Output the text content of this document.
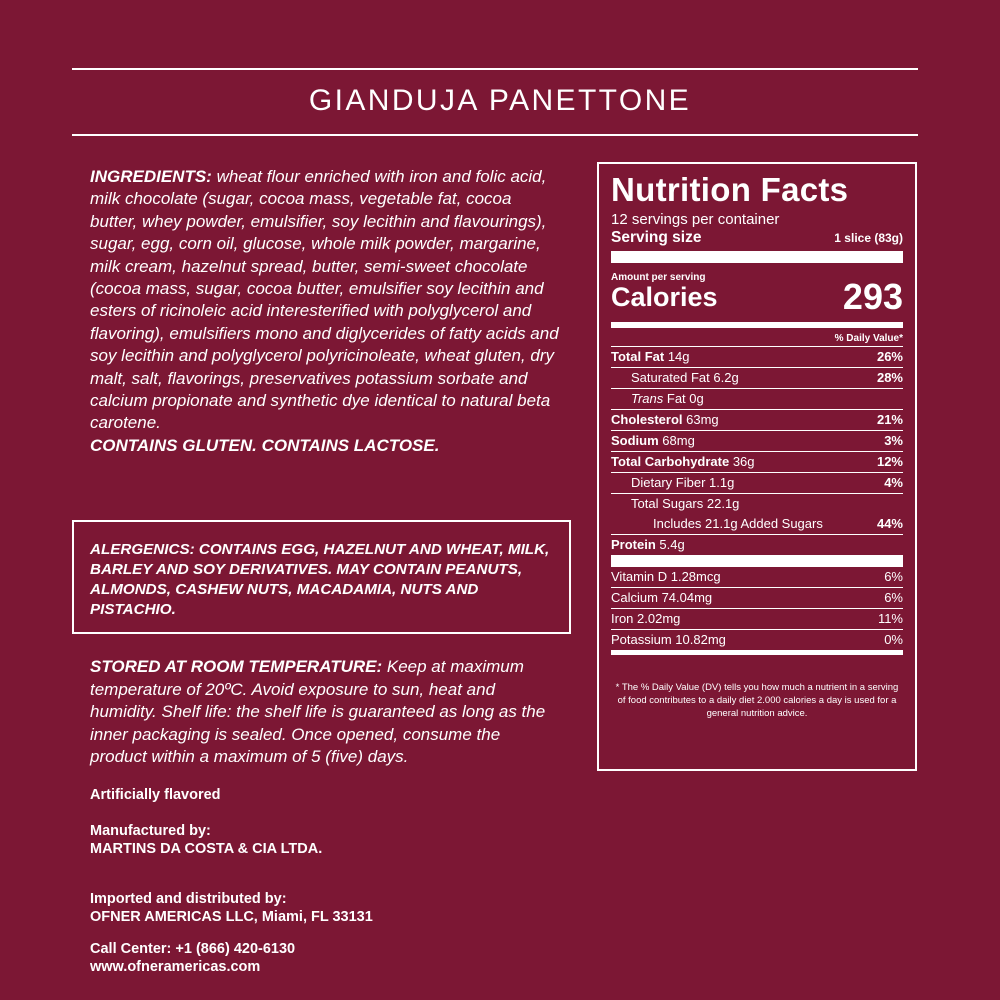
GIANDUJA PANETTONE
INGREDIENTS: wheat flour enriched with iron and folic acid, milk chocolate (sugar, cocoa mass, vegetable fat, cocoa butter, whey powder, emulsifier, soy lecithin and flavourings), sugar, egg, corn oil, glucose, whole milk powder, margarine, milk cream, hazelnut spread, butter, semi-sweet chocolate (cocoa mass, sugar, cocoa butter, emulsifier soy lecithin and esters of ricinoleic acid interesterified with polyglycerol and flavoring), emulsifiers mono and diglycerides of fatty acids and soy lecithin and polyglycerol polyricinoleate, wheat gluten, dry malt, salt, flavorings, preservatives potassium sorbate and calcium propionate and synthetic dye identical to natural beta carotene.
CONTAINS GLUTEN. CONTAINS LACTOSE.
ALERGENICS: CONTAINS EGG, HAZELNUT AND WHEAT, MILK, BARLEY AND SOY DERIVATIVES. MAY CONTAIN PEANUTS, ALMONDS, CASHEW NUTS, MACADAMIA, NUTS AND PISTACHIO.
STORED AT ROOM TEMPERATURE: Keep at maximum temperature of 20ºC. Avoid exposure to sun, heat and humidity. Shelf life: the shelf life is guaranteed as long as the inner packaging is sealed. Once opened, consume the product within a maximum of 5 (five) days.
Artificially flavored
Manufactured by:
MARTINS DA COSTA & CIA LTDA.
Imported and distributed by:
OFNER AMERICAS LLC, Miami, FL 33131
Call Center: +1 (866) 420-6130
www.ofneramericas.com
Nutrition Facts
12 servings per container
Serving size	1 slice (83g)
Amount per serving
Calories	293
% Daily Value*
Total Fat 14g	26%
Saturated Fat 6.2g	28%
Trans Fat 0g
Cholesterol 63mg	21%
Sodium 68mg	3%
Total Carbohydrate 36g	12%
Dietary Fiber 1.1g	4%
Total Sugars 22.1g
Includes 21.1g Added Sugars	44%
Protein 5.4g
Vitamin D 1.28mcg	6%
Calcium 74.04mg	6%
Iron 2.02mg	11%
Potassium 10.82mg	0%
* The % Daily Value (DV) tells you how much a nutrient in a serving of food contributes to a daily diet 2.000 calories a day is used for a general nutrition advice.
